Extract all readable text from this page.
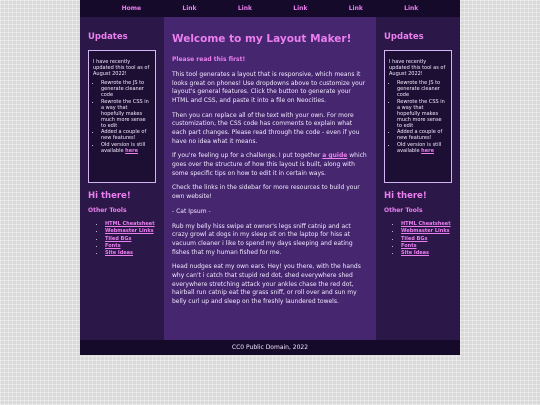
Home	Link	Link	Link	Link	Link
Updates

I have recently updated this tool as of August 2022!

• Rewrote the JS to generate cleaner code
• Rewrote the CSS in a way that hopefully makes much more sense to edit
• Added a couple of new features!
• Old version is still available here
Hi there!
Other Tools
• HTML Cheatsheet
• Webmaster Links
• Tiled BGs
• Fonts
• Site Ideas
Welcome to my Layout Maker!
Please read this first!

This tool generates a layout that is responsive, which means it looks great on phones! Use dropdowns above to customize your layout's general features. Click the button to generate your HTML and CSS, and paste it into a file on Neocities.

Then you can replace all of the text with your own. For more customization, the CSS code has comments to explain what each part changes. Please read through the code - even if you have no idea what it means.

If you're feeling up for a challenge, I put together a guide which goes over the structure of how this layout is built, along with some specific tips on how to edit it in certain ways.

Check the links in the sidebar for more resources to build your own website!

- Cat Ipsum -

Rub my belly hiss swipe at owner's legs sniff catnip and act crazy growl at dogs in my sleep sit on the laptop for hiss at vacuum cleaner i like to spend my days sleeping and eating fishes that my human fished for me.

Head nudges eat my own ears. Hey! you there, with the hands why can't i catch that stupid red dot, shed everywhere shed everywhere stretching attack your ankles chase the red dot, hairball run catnip eat the grass sniff, or roll over and sun my belly curl up and sleep on the freshly laundered towels.

Updates

I have recently updated this tool as of August 2022!

• Rewrote the JS to generate cleaner code
• Rewrote the CSS in a way that hopefully makes much more sense to edit
• Added a couple of new features!
• Old version is still available here
Hi there!
Other Tools
• HTML Cheatsheet
• Webmaster Links
• Tiled BGs
• Fonts
• Site Ideas
CC0 Public Domain, 2022
